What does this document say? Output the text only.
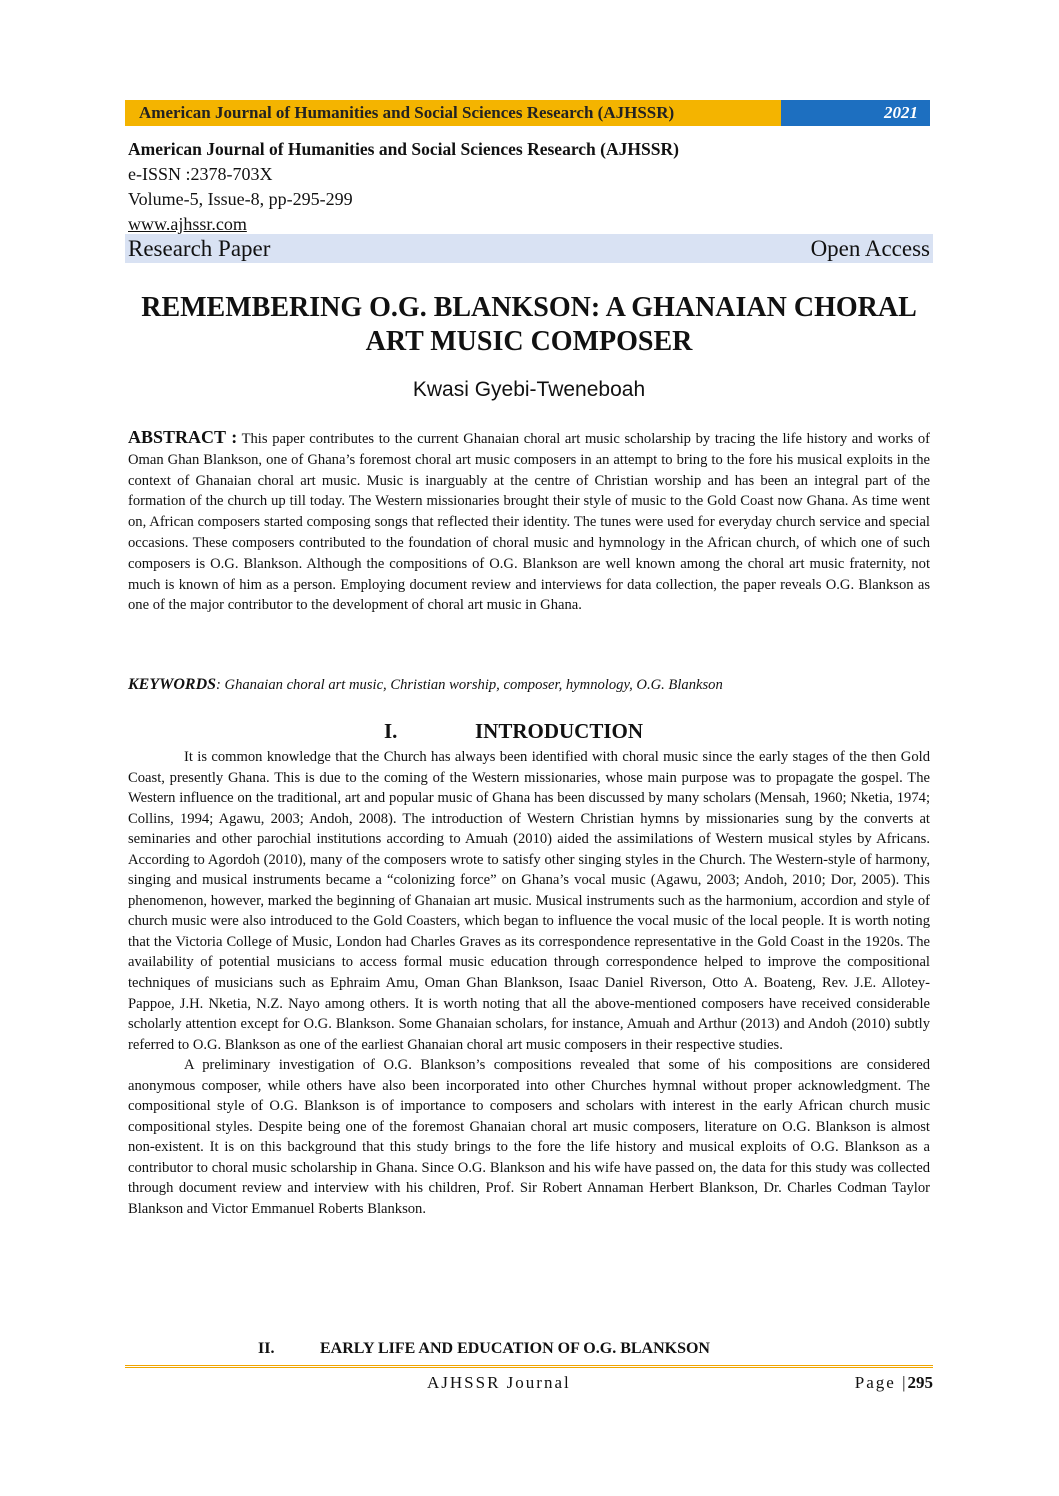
American Journal of Humanities and Social Sciences Research (AJHSSR)	2021
American Journal of Humanities and Social Sciences Research (AJHSSR)
e-ISSN :2378-703X
Volume-5, Issue-8, pp-295-299
www.ajhssr.com
Research Paper	Open Access
REMEMBERING O.G. BLANKSON: A GHANAIAN CHORAL
ART MUSIC COMPOSER
Kwasi Gyebi-Tweneboah
ABSTRACT : This paper contributes to the current Ghanaian choral art music scholarship by tracing the life history and works of Oman Ghan Blankson, one of Ghana’s foremost choral art music composers in an attempt to bring to the fore his musical exploits in the context of Ghanaian choral art music. Music is inarguably at the centre of Christian worship and has been an integral part of the formation of the church up till today. The Western missionaries brought their style of music to the Gold Coast now Ghana. As time went on, African composers started composing songs that reflected their identity. The tunes were used for everyday church service and special occasions. These composers contributed to the foundation of choral music and hymnology in the African church, of which one of such composers is O.G. Blankson. Although the compositions of O.G. Blankson are well known among the choral art music fraternity, not much is known of him as a person. Employing document review and interviews for data collection, the paper reveals O.G. Blankson as one of the major contributor to the development of choral art music in Ghana.
KEYWORDS: Ghanaian choral art music, Christian worship, composer, hymnology, O.G. Blankson
I.	INTRODUCTION

It is common knowledge that the Church has always been identified with choral music since the early stages of the then Gold Coast, presently Ghana. This is due to the coming of the Western missionaries, whose main purpose was to propagate the gospel. The Western influence on the traditional, art and popular music of Ghana has been discussed by many scholars (Mensah, 1960; Nketia, 1974; Collins, 1994; Agawu, 2003; Andoh, 2008). The introduction of Western Christian hymns by missionaries sung by the converts at seminaries and other parochial institutions according to Amuah (2010) aided the assimilations of Western musical styles by Africans. According to Agordoh (2010), many of the composers wrote to satisfy other singing styles in the Church. The Western-style of harmony, singing and musical instruments became a “colonizing force” on Ghana’s vocal music (Agawu, 2003; Andoh, 2010; Dor, 2005). This phenomenon, however, marked the beginning of Ghanaian art music. Musical instruments such as the harmonium, accordion and style of church music were also introduced to the Gold Coasters, which began to influence the vocal music of the local people. It is worth noting that the Victoria College of Music, London had Charles Graves as its correspondence representative in the Gold Coast in the 1920s. The availability of potential musicians to access formal music education through correspondence helped to improve the compositional techniques of musicians such as Ephraim Amu, Oman Ghan Blankson, Isaac Daniel Riverson, Otto A. Boateng, Rev. J.E. Allotey-Pappoe, J.H. Nketia, N.Z. Nayo among others. It is worth noting that all the above-mentioned composers have received considerable scholarly attention except for O.G. Blankson. Some Ghanaian scholars, for instance, Amuah and Arthur (2013) and Andoh (2010) subtly referred to O.G. Blankson as one of the earliest Ghanaian choral art music composers in their respective studies.

A preliminary investigation of O.G. Blankson’s compositions revealed that some of his compositions are considered anonymous composer, while others have also been incorporated into other Churches hymnal without proper acknowledgment. The compositional style of O.G. Blankson is of importance to composers and scholars with interest in the early African church music compositional styles. Despite being one of the foremost Ghanaian choral art music composers, literature on O.G. Blankson is almost non-existent. It is on this background that this study brings to the fore the life history and musical exploits of O.G. Blankson as a contributor to choral music scholarship in Ghana. Since O.G. Blankson and his wife have passed on, the data for this study was collected through document review and interview with his children, Prof. Sir Robert Annaman Herbert Blankson, Dr. Charles Codman Taylor Blankson and Victor Emmanuel Roberts Blankson.

II.	EARLY LIFE AND EDUCATION OF O.G. BLANKSON
AJHSSR Journal	Page |295
